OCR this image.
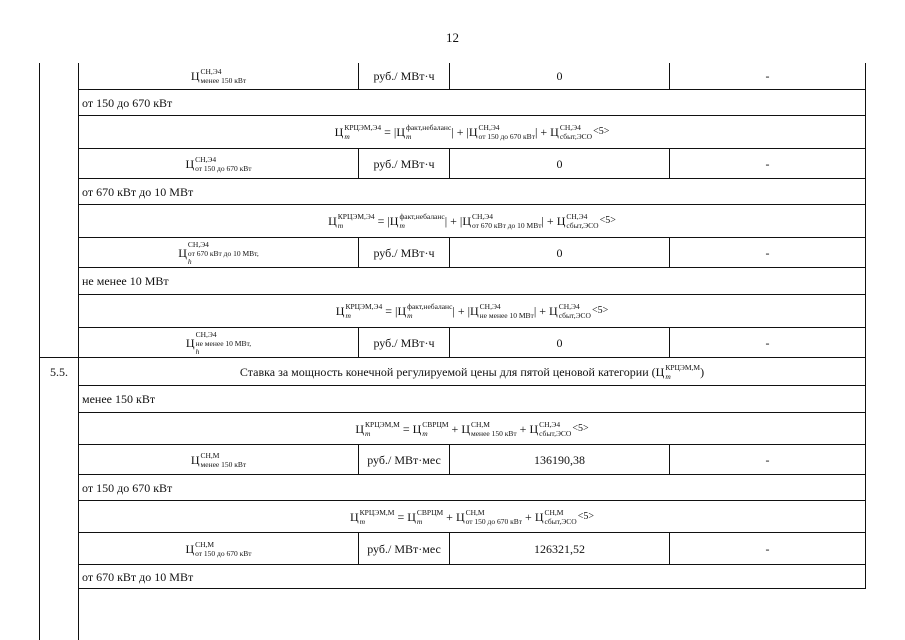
12
Ц СН,Э4
менее 150 кВт	руб./ МВт·ч	0	-
от 150 до 670 кВт
Ц КРЦЭМ,Э4
m
	=
| Ц факт,небаланс
m	|
+
| Ц СН,Э4
от 150 до 670 кВт |
+
Ц СН,Э4
сбыт,ЭСО <5>
Ц СН,Э4
от 150 до 670 кВт	руб./ МВт·ч	0	-
от 670 кВт до 10 МВт
Ц КРЦЭМ,Э4
m
	=
| Ц факт,небаланс
m	|
+
| Ц СН,Э4
от 670 кВт до 10 МВт |
+
Ц СН,Э4
сбыт,ЭСО <5>
Ц
СН,Э4
от 670 кВт до 10 МВт,
h
руб./ МВт·ч	0	-
не менее 10 МВт
Ц КРЦЭМ,Э4
m
	=
| Ц факт,небаланс
m	|
+
| Ц СН,Э4
не менее 10 МВт |
+
Ц СН,Э4
сбыт,ЭСО <5>
Ц
СН,Э4
не менее 10 МВт,
h
руб./ МВт·ч	0	-
5.5.	Ставка за мощность конечной регулируемой цены для пятой ценовой категории ( Ц КРЦЭМ,М
m	)
менее 150 кВт
Ц КРЦЭМ,М
m
	=
Ц СВРЦМ
m
	+
Ц СН,М
менее 150 кВт
+
Ц СН,Э4
сбыт,ЭСО <5>
Ц СН,М
менее 150 кВт	руб./ МВт·мес	136190,38	-
от 150 до 670 кВт
Ц КРЦЭМ,М
m
	=
Ц СВРЦМ
m
	+
Ц СН,М
от 150 до 670 кВт
+
Ц СН,М
сбыт,ЭСО <5>
Ц СН,М
от 150 до 670 кВт	руб./ МВт·мес	126321,52	-
от 670 кВт до 10 МВт
